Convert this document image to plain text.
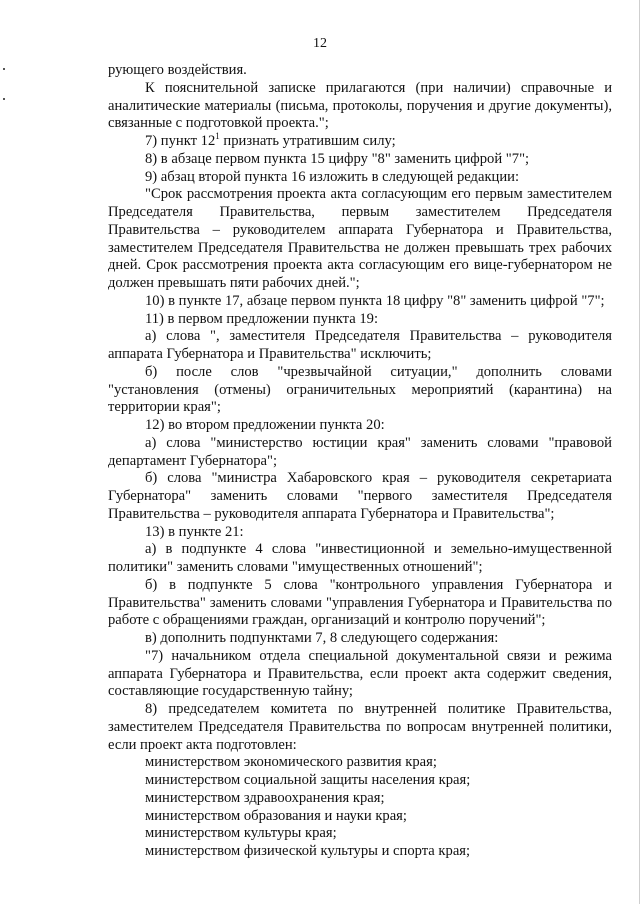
12

рующего воздействия.

К пояснительной записке прилагаются (при наличии) справочные и аналитические материалы (письма, протоколы, поручения и другие документы), связанные с подготовкой проекта.";

7) пункт $12^1$ признать утратившим силу;

8) в абзаце первом пункта 15 цифру "8" заменить цифрой "7";

9) абзац второй пункта 16 изложить в следующей редакции:

"Срок рассмотрения проекта акта согласующим его первым заместителем Председателя Правительства, первым заместителем Председателя Правительства – руководителем аппарата Губернатора и Правительства, заместителем Председателя Правительства не должен превышать трех рабочих дней. Срок рассмотрения проекта акта согласующим его вице-губернатором не должен превышать пяти рабочих дней.";

10) в пункте 17, абзаце первом пункта 18 цифру "8" заменить цифрой "7";

11) в первом предложении пункта 19:

а) слова ", заместителя Председателя Правительства – руководителя аппарата Губернатора и Правительства" исключить;

б) после слов "чрезвычайной ситуации," дополнить словами "установления (отмены) ограничительных мероприятий (карантина) на территории края";

12) во втором предложении пункта 20:

а) слова "министерство юстиции края" заменить словами "правовой департамент Губернатора";

б) слова "министра Хабаровского края – руководителя секретариата Губернатора" заменить словами "первого заместителя Председателя Правительства – руководителя аппарата Губернатора и Правительства";

13) в пункте 21:

а) в подпункте 4 слова "инвестиционной и земельно-имущественной политики" заменить словами "имущественных отношений";

б) в подпункте 5 слова "контрольного управления Губернатора и Правительства" заменить словами "управления Губернатора и Правительства по работе с обращениями граждан, организаций и контролю поручений";

в) дополнить подпунктами 7, 8 следующего содержания:

"7) начальником отдела специальной документальной связи и режима аппарата Губернатора и Правительства, если проект акта содержит сведения, составляющие государственную тайну;

8) председателем комитета по внутренней политике Правительства, заместителем Председателя Правительства по вопросам внутренней политики, если проект акта подготовлен:

министерством экономического развития края;

министерством социальной защиты населения края;

министерством здравоохранения края;

министерством образования и науки края;

министерством культуры края;

министерством физической культуры и спорта края;
